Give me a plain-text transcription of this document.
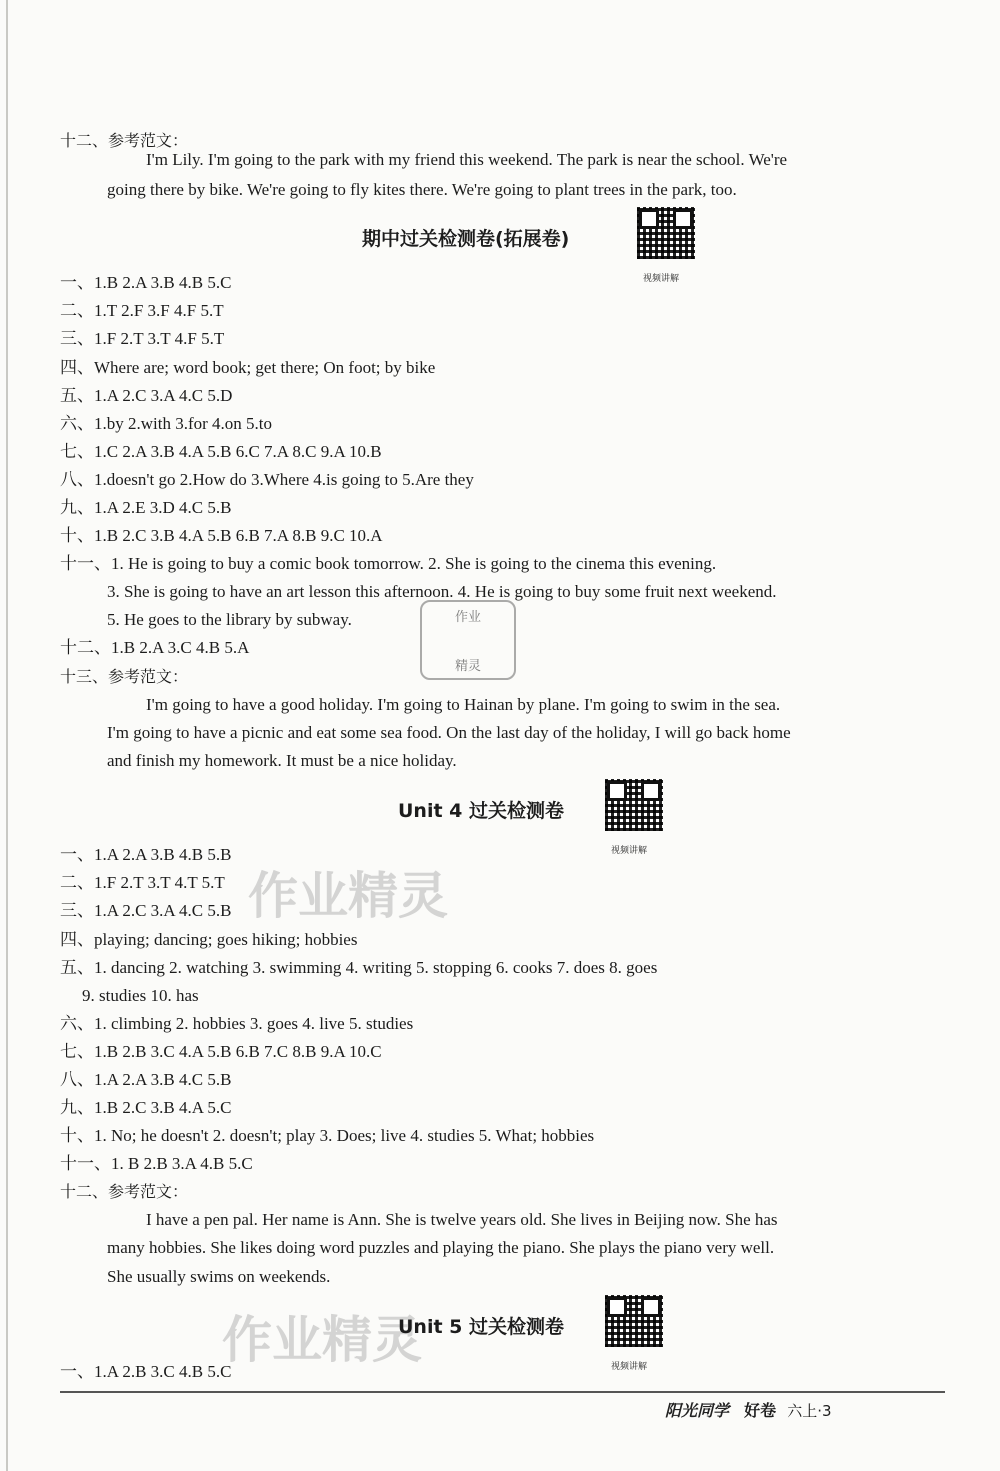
十二、参考范文：
I'm Lily. I'm going to the park with my friend this weekend. The park is near the school. We're
going there by bike. We're going to fly kites there. We're going to plant trees in the park, too.
期中过关检测卷(拓展卷)
视频讲解
一、1.B 2.A 3.B 4.B 5.C
二、1.T 2.F 3.F 4.F 5.T
三、1.F 2.T 3.T 4.F 5.T
四、Where are; word book; get there; On foot; by bike
五、1.A 2.C 3.A 4.C 5.D
六、1.by 2.with 3.for 4.on 5.to
七、1.C 2.A 3.B 4.A 5.B 6.C 7.A 8.C 9.A 10.B
八、1.doesn't go 2.How do 3.Where 4.is going to 5.Are they
九、1.A 2.E 3.D 4.C 5.B
十、1.B 2.C 3.B 4.A 5.B 6.B 7.A 8.B 9.C 10.A
十一、1. He is going to buy a comic book tomorrow. 2. She is going to the cinema this evening.
3. She is going to have an art lesson this afternoon. 4. He is going to buy some fruit next weekend.
5. He goes to the library by subway.
十二、1.B 2.A 3.C 4.B 5.A
作业
精灵
十三、参考范文：
I'm going to have a good holiday. I'm going to Hainan by plane. I'm going to swim in the sea.
I'm going to have a picnic and eat some sea food. On the last day of the holiday, I will go back home
and finish my homework. It must be a nice holiday.
Unit 4 过关检测卷
视频讲解
作业精灵
一、1.A 2.A 3.B 4.B 5.B
二、1.F 2.T 3.T 4.T 5.T
三、1.A 2.C 3.A 4.C 5.B
四、playing; dancing; goes hiking; hobbies
五、1. dancing 2. watching 3. swimming 4. writing 5. stopping 6. cooks 7. does 8. goes
9. studies 10. has
六、1. climbing 2. hobbies 3. goes 4. live 5. studies
七、1.B 2.B 3.C 4.A 5.B 6.B 7.C 8.B 9.A 10.C
八、1.A 2.A 3.B 4.C 5.B
九、1.B 2.C 3.B 4.A 5.C
十、1. No; he doesn't 2. doesn't; play 3. Does; live 4. studies 5. What; hobbies
十一、1. B 2.B 3.A 4.B 5.C
十二、参考范文：
I have a pen pal. Her name is Ann. She is twelve years old. She lives in Beijing now. She has
many hobbies. She likes doing word puzzles and playing the piano. She plays the piano very well.
She usually swims on weekends.
作业精灵
Unit 5 过关检测卷
视频讲解
一、1.A 2.B 3.C 4.B 5.C
阳光同学 好卷 六上·3
